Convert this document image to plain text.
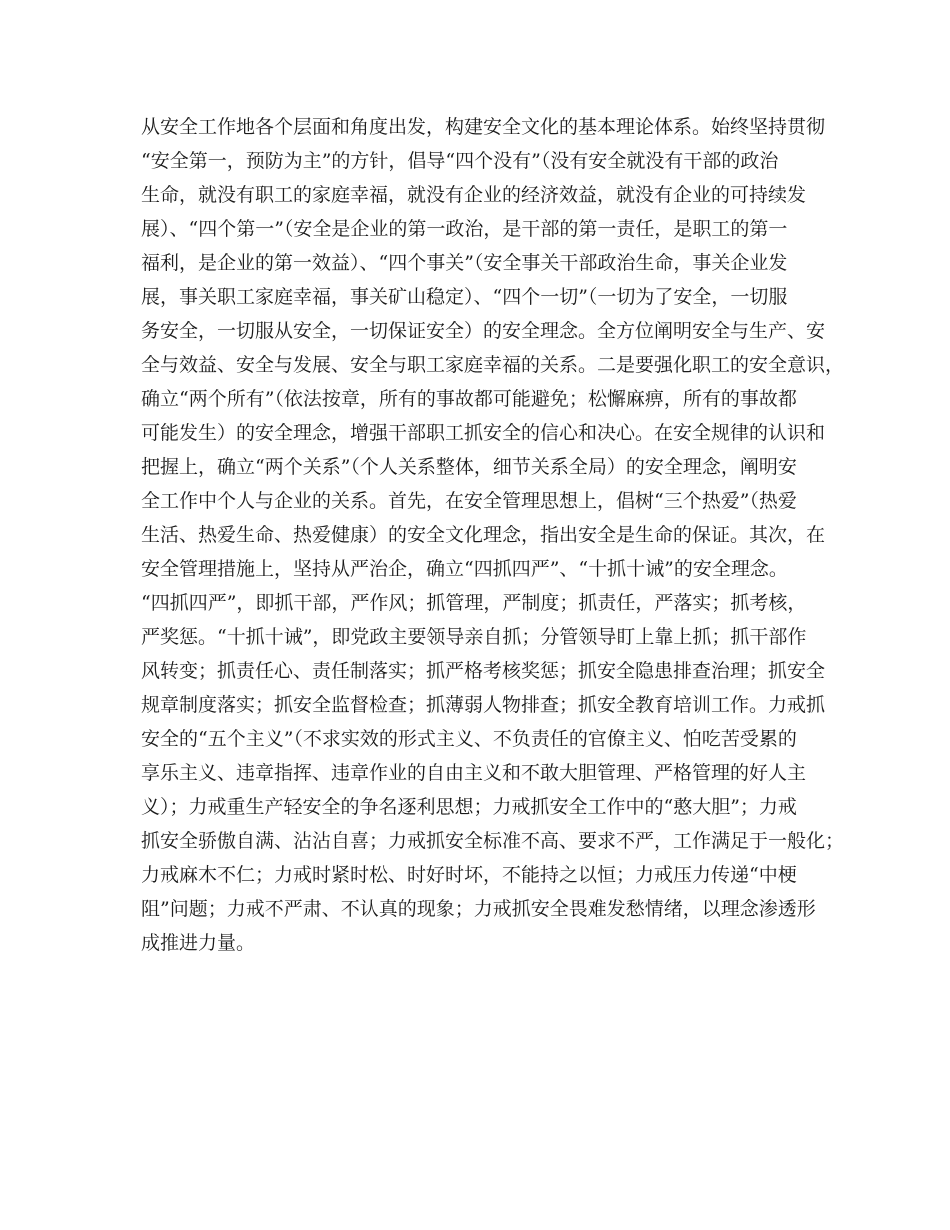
从安全工作地各个层面和角度出发，构建安全文化的基本理论体系。始终坚持贯彻
“安全第一，预防为主”的方针，倡导“四个没有”（没有安全就没有干部的政治
生命，就没有职工的家庭幸福，就没有企业的经济效益，就没有企业的可持续发
展）、“四个第一”（安全是企业的第一政治，是干部的第一责任，是职工的第一
福利，是企业的第一效益）、“四个事关”（安全事关干部政治生命，事关企业发
展，事关职工家庭幸福，事关矿山稳定）、“四个一切”（一切为了安全，一切服
务安全，一切服从安全，一切保证安全）的安全理念。全方位阐明安全与生产、安
全与效益、安全与发展、安全与职工家庭幸福的关系。二是要强化职工的安全意识，
确立“两个所有”（依法按章，所有的事故都可能避免；松懈麻痹，所有的事故都
可能发生）的安全理念，增强干部职工抓安全的信心和决心。在安全规律的认识和
把握上，确立“两个关系”（个人关系整体，细节关系全局）的安全理念，阐明安
全工作中个人与企业的关系。首先，在安全管理思想上，倡树“三个热爱”（热爱
生活、热爱生命、热爱健康）的安全文化理念，指出安全是生命的保证。其次，在
安全管理措施上，坚持从严治企，确立“四抓四严”、“十抓十诫”的安全理念。
“四抓四严”，即抓干部，严作风；抓管理，严制度；抓责任，严落实；抓考核，
严奖惩。“十抓十诫”，即党政主要领导亲自抓；分管领导盯上靠上抓；抓干部作
风转变；抓责任心、责任制落实；抓严格考核奖惩；抓安全隐患排查治理；抓安全
规章制度落实；抓安全监督检查；抓薄弱人物排查；抓安全教育培训工作。力戒抓
安全的“五个主义”（不求实效的形式主义、不负责任的官僚主义、怕吃苦受累的
享乐主义、违章指挥、违章作业的自由主义和不敢大胆管理、严格管理的好人主
义）；力戒重生产轻安全的争名逐利思想；力戒抓安全工作中的“憨大胆”；力戒
抓安全骄傲自满、沾沾自喜；力戒抓安全标准不高、要求不严，工作满足于一般化；
力戒麻木不仁；力戒时紧时松、时好时坏，不能持之以恒；力戒压力传递“中梗
阻”问题；力戒不严肃、不认真的现象；力戒抓安全畏难发愁情绪，以理念渗透形
成推进力量。
